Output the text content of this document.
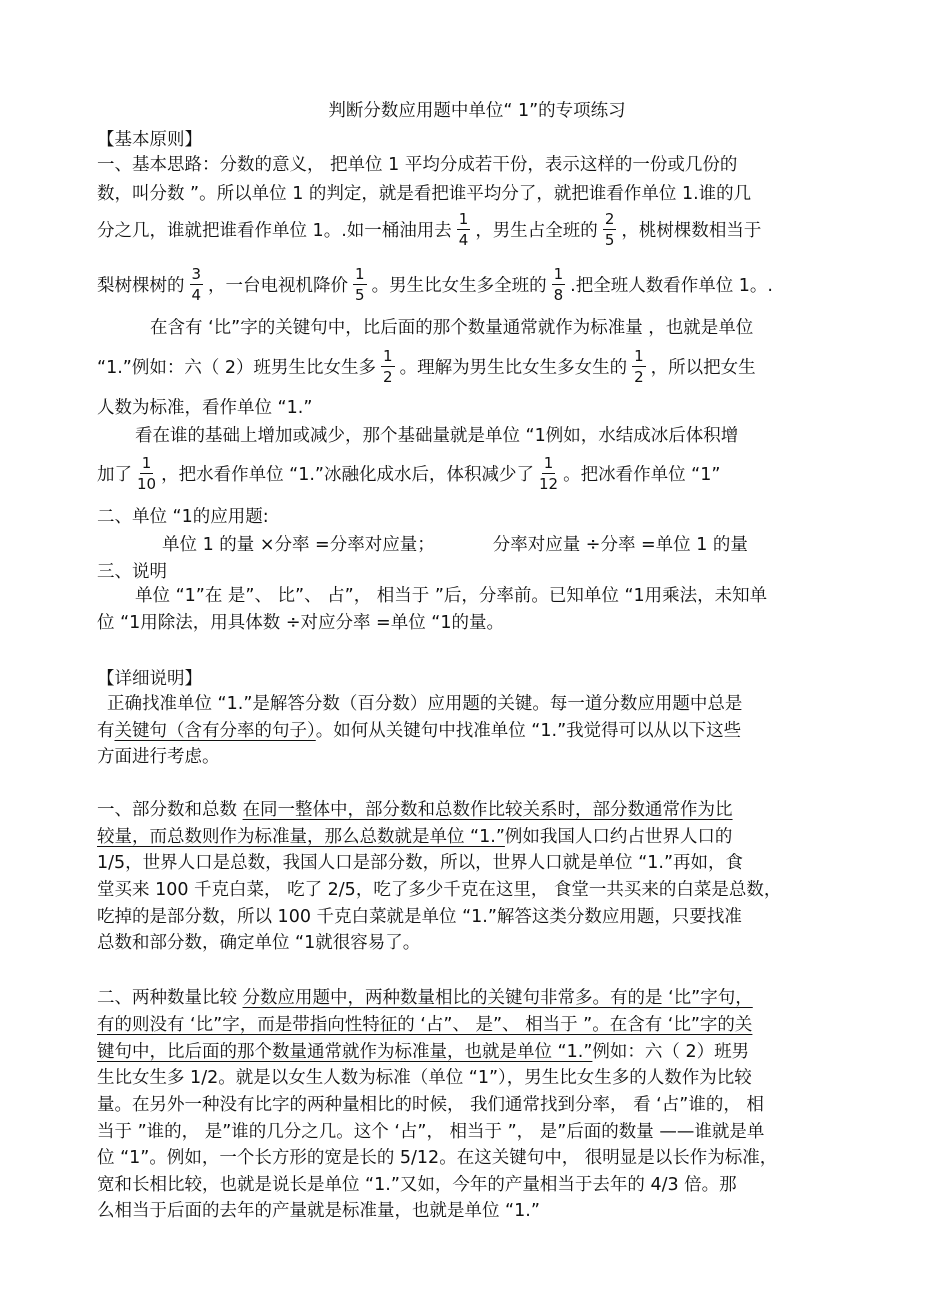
判断分数应用题中单位“ 1”的专项练习
【基本原则】
一、基本思路：分数的意义， 把单位 1 平均分成若干份，表示这样的一份或几份的
数，叫分数 ”。所以单位 1 的判定，就是看把谁平均分了，就把谁看作单位 1.谁的几
分之几，谁就把谁看作单位 1。.如一桶油用去 $\frac{1}{4}$ ，男生占全班的 $\frac{2}{5}$ ，桃树棵数相当于
梨树棵树的 $\frac{3}{4}$ ，一台电视机降价 $\frac{1}{5}$ 。男生比女生多全班的 $\frac{1}{8}$ .把全班人数看作单位 1。.
在含有 ‘比”字的关键句中，比后面的那个数量通常就作为标准量 ，也就是单位
“1.”例如：六（ 2）班男生比女生多 $\frac{1}{2}$ 。理解为男生比女生多女生的 $\frac{1}{2}$ ，所以把女生
人数为标准，看作单位 “1.”
看在谁的基础上增加或减少，那个基础量就是单位 “1例如，水结成冰后体积增
加了 $\frac{1}{10}$ ，把水看作单位 “1.”冰融化成水后，体积减少了 $\frac{1}{12}$ 。把冰看作单位 “1”
二、单位 “1的应用题:
单位 1 的量 ×分率 =分率对应量；	分率对应量 ÷分率 =单位 1 的量
三、说明
单位 “1”在 是”、 比”、 占”， 相当于 ”后，分率前。已知单位 “1用乘法，未知单
位 “1用除法，用具体数 ÷对应分率 =单位 “1的量。
【详细说明】
正确找准单位 “1.”是解答分数（百分数）应用题的关键。每一道分数应用题中总是
有关键句（含有分率的句子）。如何从关键句中找准单位 “1.”我觉得可以从以下这些
方面进行考虑。
一、部分数和总数 在同一整体中，部分数和总数作比较关系时，部分数通常作为比
较量，而总数则作为标准量，那么总数就是单位 “1.”例如我国人口约占世界人口的
1/5，世界人口是总数，我国人口是部分数，所以，世界人口就是单位 “1.”再如，食
堂买来 100 千克白菜， 吃了 2/5，吃了多少千克在这里， 食堂一共买来的白菜是总数，
吃掉的是部分数，所以 100 千克白菜就是单位 “1.”解答这类分数应用题，只要找准
总数和部分数，确定单位 “1就很容易了。
二、两种数量比较 分数应用题中，两种数量相比的关键句非常多。有的是 ‘比”字句，
有的则没有 ‘比”字，而是带指向性特征的 ‘占”、 是”、 相当于 ”。在含有 ‘比”字的关
键句中，比后面的那个数量通常就作为标准量，也就是单位 “1.”例如：六（ 2）班男
生比女生多 1/2。就是以女生人数为标准（单位 “1”），男生比女生多的人数作为比较
量。在另外一种没有比字的两种量相比的时候， 我们通常找到分率， 看 ‘占”谁的， 相
当于 ”谁的， 是”谁的几分之几。这个 ‘占”， 相当于 ”， 是”后面的数量 ——谁就是单
位 “1”。例如，一个长方形的宽是长的 5/12。在这关键句中， 很明显是以长作为标准，
宽和长相比较，也就是说长是单位 “1.”又如，今年的产量相当于去年的 4/3 倍。那
么相当于后面的去年的产量就是标准量，也就是单位 “1.”
